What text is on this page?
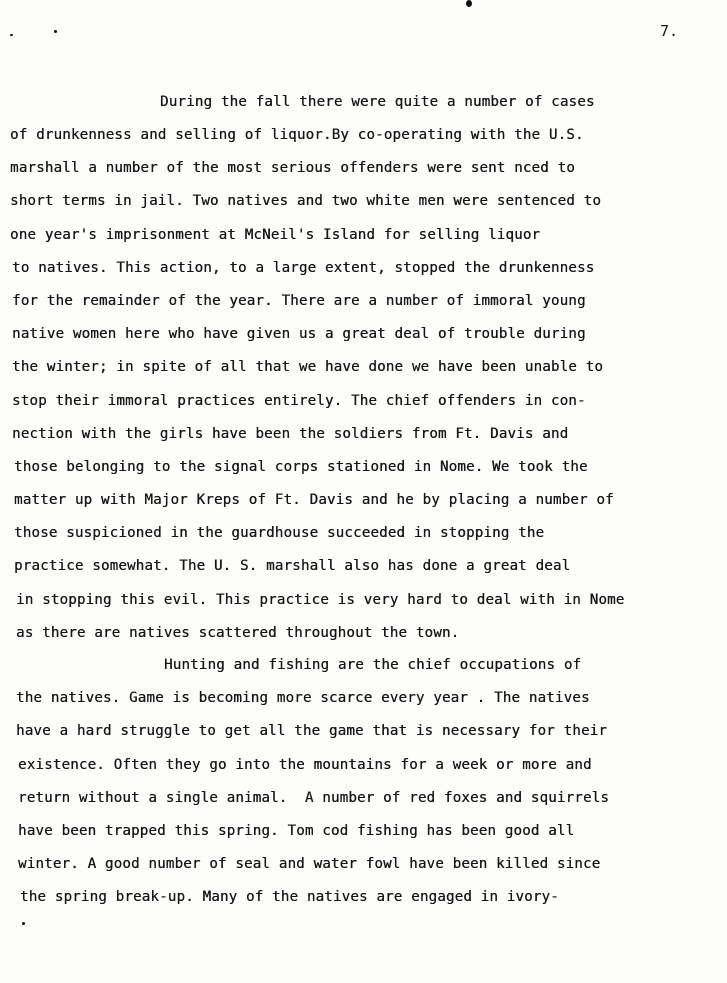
7.
During the fall there were quite a number of cases
of drunkenness and selling of liquor.By co-operating with the U.S.
marshall a number of the most serious offenders were sent nced to
short terms in jail. Two natives and two white men were sentenced to
one year's imprisonment at McNeil's Island for selling liquor
to natives. This action, to a large extent, stopped the drunkenness
for the remainder of the year. There are a number of immoral young
native women here who have given us a great deal of trouble during
the winter; in spite of all that we have done we have been unable to
stop their immoral practices entirely. The chief offenders in con-
nection with the girls have been the soldiers from Ft. Davis and
those belonging to the signal corps stationed in Nome. We took the
matter up with Major Kreps of Ft. Davis and he by placing a number of
those suspicioned in the guardhouse succeeded in stopping the
practice somewhat. The U. S. marshall also has done a great deal
in stopping this evil. This practice is very hard to deal with in Nome
as there are natives scattered throughout the town.
Hunting and fishing are the chief occupations of
the natives. Game is becoming more scarce every year . The natives
have a hard struggle to get all the game that is necessary for their
existence. Often they go into the mountains for a week or more and
return without a single animal.  A number of red foxes and squirrels
have been trapped this spring. Tom cod fishing has been good all
winter. A good number of seal and water fowl have been killed since
the spring break-up. Many of the natives are engaged in ivory-
